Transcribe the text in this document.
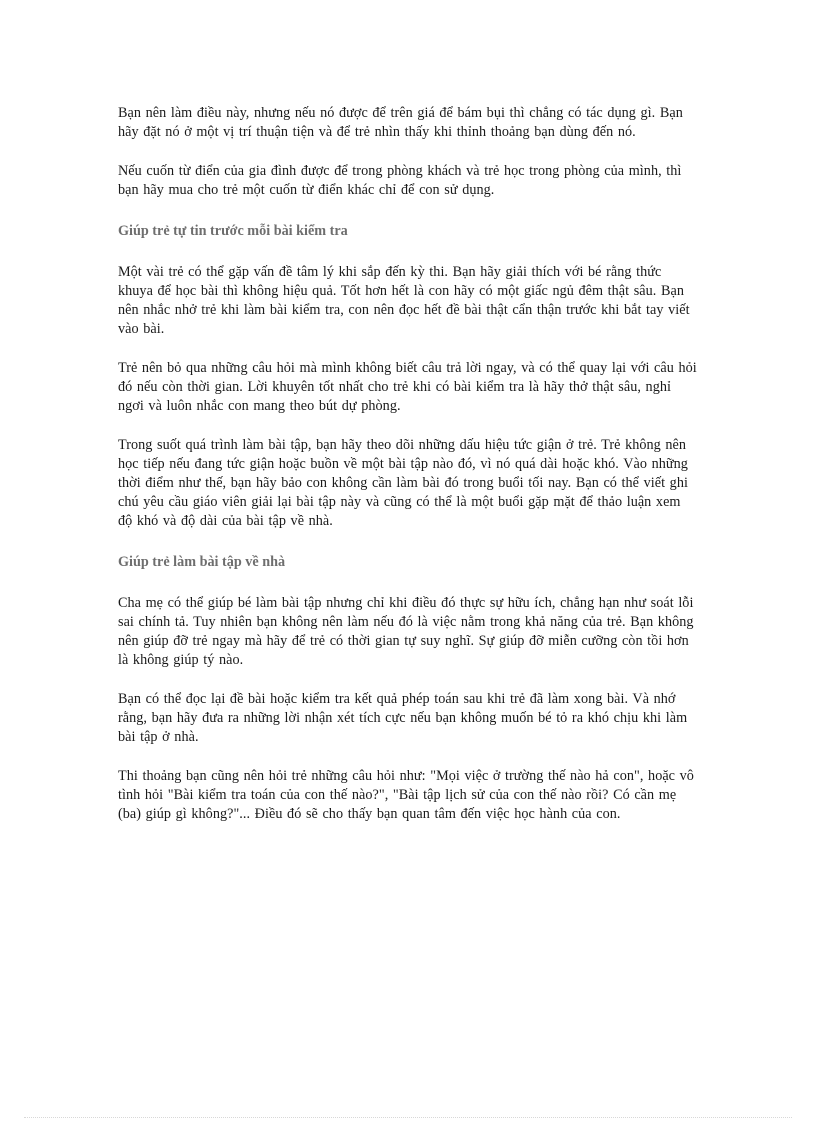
Bạn nên làm điều này, nhưng nếu nó được để trên giá để bám bụi thì chẳng có tác dụng gì. Bạn hãy đặt nó ở một vị trí thuận tiện và để trẻ nhìn thấy khi thỉnh thoảng bạn dùng đến nó.

Nếu cuốn từ điển của gia đình được để trong phòng khách và trẻ học trong phòng của mình, thì bạn hãy mua cho trẻ một cuốn từ điển khác chỉ để con sử dụng.

Giúp trẻ tự tin trước mỗi bài kiểm tra

Một vài trẻ có thể gặp vấn đề tâm lý khi sắp đến kỳ thi. Bạn hãy giải thích với bé rằng thức khuya để học bài thì không hiệu quả. Tốt hơn hết là con hãy có một giấc ngủ đêm thật sâu. Bạn nên nhắc nhở trẻ khi làm bài kiểm tra, con nên đọc hết đề bài thật cẩn thận trước khi bắt tay viết vào bài.

Trẻ nên bỏ qua những câu hỏi mà mình không biết câu trả lời ngay, và có thể quay lại với câu hỏi đó nếu còn thời gian. Lời khuyên tốt nhất cho trẻ khi có bài kiểm tra là hãy thở thật sâu, nghỉ ngơi và luôn nhắc con mang theo bút dự phòng.

Trong suốt quá trình làm bài tập, bạn hãy theo dõi những dấu hiệu tức giận ở trẻ. Trẻ không nên học tiếp nếu đang tức giận hoặc buồn về một bài tập nào đó, vì nó quá dài hoặc khó. Vào những thời điểm như thế, bạn hãy bảo con không cần làm bài đó trong buổi tối nay. Bạn có thể viết ghi chú yêu cầu giáo viên giải lại bài tập này và cũng có thể là một buổi gặp mặt để thảo luận xem độ khó và độ dài của bài tập về nhà.

Giúp trẻ làm bài tập về nhà

Cha mẹ có thể giúp bé làm bài tập nhưng chỉ khi điều đó thực sự hữu ích, chẳng hạn như soát lỗi sai chính tả. Tuy nhiên bạn không nên làm nếu đó là việc nằm trong khả năng của trẻ. Bạn không nên giúp đỡ trẻ ngay mà hãy để trẻ có thời gian tự suy nghĩ. Sự giúp đỡ miễn cưỡng còn tồi hơn là không giúp tý nào.

Bạn có thể đọc lại đề bài hoặc kiểm tra kết quả phép toán sau khi trẻ đã làm xong bài. Và nhớ rằng, bạn hãy đưa ra những lời nhận xét tích cực nếu bạn không muốn bé tỏ ra khó chịu khi làm bài tập ở nhà.

Thi thoảng bạn cũng nên hỏi trẻ những câu hỏi như: "Mọi việc ở trường thế nào hả con", hoặc vô tình hỏi "Bài kiểm tra toán của con thế nào?", "Bài tập lịch sử của con thế nào rồi? Có cần mẹ (ba) giúp gì không?"... Điều đó sẽ cho thấy bạn quan tâm đến việc học hành của con.
